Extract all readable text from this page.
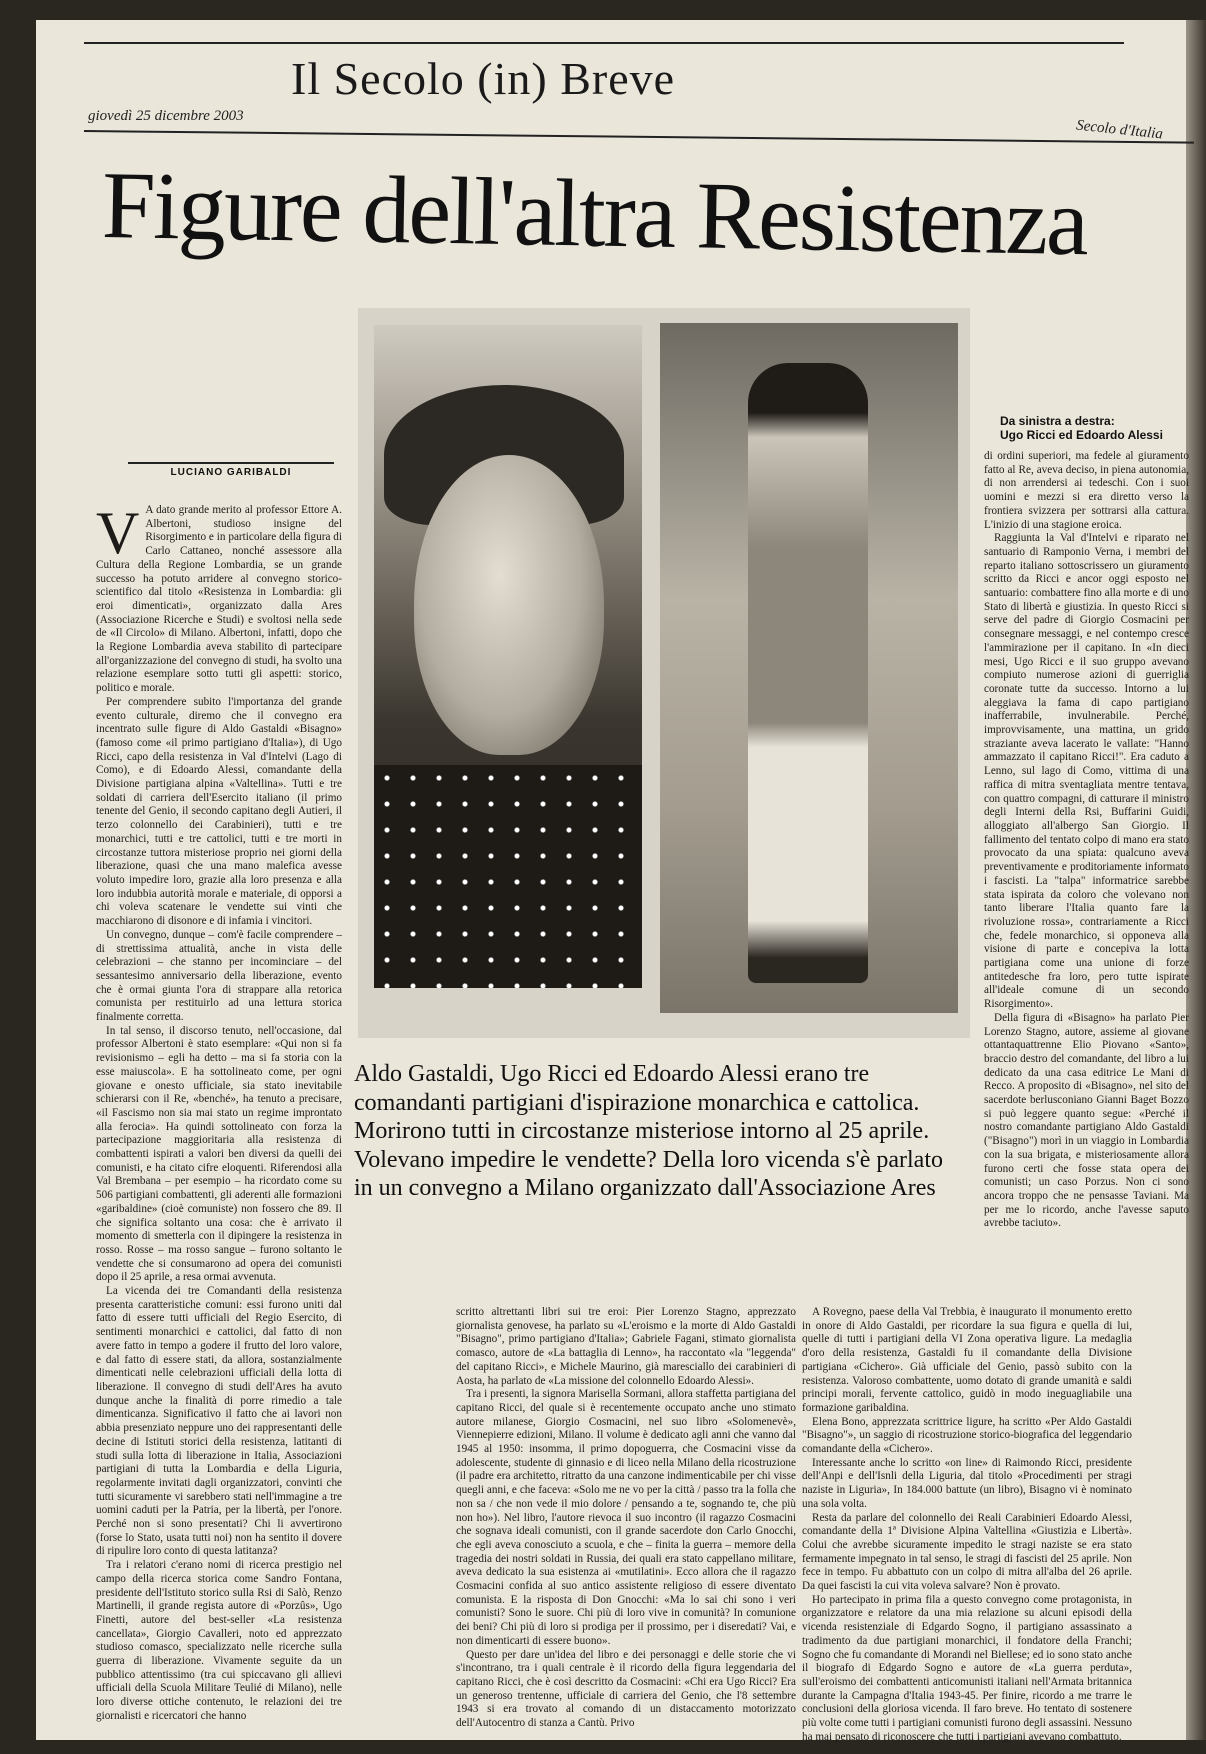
Il Secolo (in) Breve
giovedì 25 dicembre 2003
Secolo d'Italia
Figure dell'altra Resistenza
Da sinistra a destra:
Ugo Ricci ed Edoardo Alessi
LUCIANO GARIBALDI

V A dato grande merito al professor Ettore A. Albertoni, studioso insigne del Risorgimento e in particolare della figura di Carlo Cattaneo, nonché assessore alla Cultura della Regione Lombardia, se un grande successo ha potuto arridere al convegno storico-scientifico dal titolo «Resistenza in Lombardia: gli eroi dimenticati», organizzato dalla Ares (Associazione Ricerche e Studi) e svoltosi nella sede de «Il Circolo» di Milano. Albertoni, infatti, dopo che la Regione Lombardia aveva stabilito di partecipare all'organizzazione del convegno di studi, ha svolto una relazione esemplare sotto tutti gli aspetti: storico, politico e morale.

Per comprendere subito l'importanza del grande evento culturale, diremo che il convegno era incentrato sulle figure di Aldo Gastaldi «Bisagno» (famoso come «il primo partigiano d'Italia»), di Ugo Ricci, capo della resistenza in Val d'Intelvi (Lago di Como), e di Edoardo Alessi, comandante della Divisione partigiana alpina «Valtellina». Tutti e tre soldati di carriera dell'Esercito italiano (il primo tenente del Genio, il secondo capitano degli Autieri, il terzo colonnello dei Carabinieri), tutti e tre monarchici, tutti e tre cattolici, tutti e tre morti in circostanze tuttora misteriose proprio nei giorni della liberazione, quasi che una mano malefica avesse voluto impedire loro, grazie alla loro presenza e alla loro indubbia autorità morale e materiale, di opporsi a chi voleva scatenare le vendette sui vinti che macchiarono di disonore e di infamia i vincitori.

Un convegno, dunque – com'è facile comprendere – di strettissima attualità, anche in vista delle celebrazioni – che stanno per incominciare – del sessantesimo anniversario della liberazione, evento che è ormai giunta l'ora di strappare alla retorica comunista per restituirlo ad una lettura storica finalmente corretta.

In tal senso, il discorso tenuto, nell'occasione, dal professor Albertoni è stato esemplare: «Qui non si fa revisionismo – egli ha detto – ma si fa storia con la esse maiuscola». E ha sottolineato come, per ogni giovane e onesto ufficiale, sia stato inevitabile schierarsi con il Re, «benché», ha tenuto a precisare, «il Fascismo non sia mai stato un regime improntato alla ferocia». Ha quindi sottolineato con forza la partecipazione maggioritaria alla resistenza di combattenti ispirati a valori ben diversi da quelli dei comunisti, e ha citato cifre eloquenti. Riferendosi alla Val Brembana – per esempio – ha ricordato come su 506 partigiani combattenti, gli aderenti alle formazioni «garibaldine» (cioè comuniste) non fossero che 89. Il che significa soltanto una cosa: che è arrivato il momento di smetterla con il dipingere la resistenza in rosso. Rosse – ma rosso sangue – furono soltanto le vendette che si consumarono ad opera dei comunisti dopo il 25 aprile, a resa ormai avvenuta.

La vicenda dei tre Comandanti della resistenza presenta caratteristiche comuni: essi furono uniti dal fatto di essere tutti ufficiali del Regio Esercito, di sentimenti monarchici e cattolici, dal fatto di non avere fatto in tempo a godere il frutto del loro valore, e dal fatto di essere stati, da allora, sostanzialmente dimenticati nelle celebrazioni ufficiali della lotta di liberazione. Il convegno di studi dell'Ares ha avuto dunque anche la finalità di porre rimedio a tale dimenticanza. Significativo il fatto che ai lavori non abbia presenziato neppure uno dei rappresentanti delle decine di Istituti storici della resistenza, latitanti di studi sulla lotta di liberazione in Italia, Associazioni partigiani di tutta la Lombardia e della Liguria, regolarmente invitati dagli organizzatori, convinti che tutti sicuramente vi sarebbero stati nell'immagine a tre uomini caduti per la Patria, per la libertà, per l'onore. Perché non si sono presentati? Chi li avvertirono (forse lo Stato, usata tutti noi) non ha sentito il dovere di ripulire loro conto di questa latitanza?

Tra i relatori c'erano nomi di ricerca prestigio nel campo della ricerca storica come Sandro Fontana, presidente dell'Istituto storico sulla Rsi di Salò, Renzo Martinelli, il grande regista autore di «Porzûs», Ugo Finetti, autore del best-seller «La resistenza cancellata», Giorgio Cavalleri, noto ed apprezzato studioso comasco, specializzato nelle ricerche sulla guerra di liberazione. Vivamente seguite da un pubblico attentissimo (tra cui spiccavano gli allievi ufficiali della Scuola Militare Teulié di Milano), nelle loro diverse ottiche contenuto, le relazioni dei tre giornalisti e ricercatori che hanno

Aldo Gastaldi, Ugo Ricci ed Edoardo Alessi erano tre comandanti partigiani d'ispirazione monarchica e cattolica. Morirono tutti in circostanze misteriose intorno al 25 aprile. Volevano impedire le vendette? Della loro vicenda s'è parlato in un convegno a Milano organizzato dall'Associazione Ares

scritto altrettanti libri sui tre eroi: Pier Lorenzo Stagno, apprezzato giornalista genovese, ha parlato su «L'eroismo e la morte di Aldo Gastaldi "Bisagno", primo partigiano d'Italia»; Gabriele Fagani, stimato giornalista comasco, autore de «La battaglia di Lenno», ha raccontato «la "leggenda" del capitano Ricci», e Michele Maurino, già maresciallo dei carabinieri di Aosta, ha parlato de «La missione del colonnello Edoardo Alessi».

Tra i presenti, la signora Marisella Sormani, allora staffetta partigiana del capitano Ricci, del quale si è recentemente occupato anche uno stimato autore milanese, Giorgio Cosmacini, nel suo libro «Solomenevè», Viennepierre edizioni, Milano. Il volume è dedicato agli anni che vanno dal 1945 al 1950: insomma, il primo dopoguerra, che Cosmacini visse da adolescente, studente di ginnasio e di liceo nella Milano della ricostruzione (il padre era architetto, ritratto da una canzone indimenticabile per chi visse quegli anni, e che faceva: «Solo me ne vo per la città / passo tra la folla che non sa / che non vede il mio dolore / pensando a te, sognando te, che più non ho»). Nel libro, l'autore rievoca il suo incontro (il ragazzo Cosmacini che sognava ideali comunisti, con il grande sacerdote don Carlo Gnocchi, che egli aveva conosciuto a scuola, e che – finita la guerra – memore della tragedia dei nostri soldati in Russia, dei quali era stato cappellano militare, aveva dedicato la sua esistenza ai «mutilatini». Ecco allora che il ragazzo Cosmacini confida al suo antico assistente religioso di essere diventato comunista. E la risposta di Don Gnocchi: «Ma lo sai chi sono i veri comunisti? Sono le suore. Chi più di loro vive in comunità? In comunione dei beni? Chi più di loro si prodiga per il prossimo, per i diseredati? Vai, e non dimenticarti di essere buono».

Questo per dare un'idea del libro e dei personaggi e delle storie che vi s'incontrano, tra i quali centrale è il ricordo della figura leggendaria del capitano Ricci, che è così descritto da Cosmacini: «Chi era Ugo Ricci? Era un generoso trentenne, ufficiale di carriera del Genio, che l'8 settembre 1943 si era trovato al comando di un distaccamento motorizzato dell'Autocentro di stanza a Cantù. Privo

A Rovegno, paese della Val Trebbia, è inaugurato il monumento eretto in onore di Aldo Gastaldi, per ricordare la sua figura e quella di lui, quelle di tutti i partigiani della VI Zona operativa ligure. La medaglia d'oro della resistenza, Gastaldi fu il comandante della Divisione partigiana «Cichero». Già ufficiale del Genio, passò subito con la resistenza. Valoroso combattente, uomo dotato di grande umanità e saldi principi morali, fervente cattolico, guidò in modo ineguagliabile una formazione garibaldina.

Elena Bono, apprezzata scrittrice ligure, ha scritto «Per Aldo Gastaldi "Bisagno"», un saggio di ricostruzione storico-biografica del leggendario comandante della «Cichero».

Interessante anche lo scritto «on line» di Raimondo Ricci, presidente dell'Anpi e dell'Isnli della Liguria, dal titolo «Procedimenti per stragi naziste in Liguria», In 184.000 battute (un libro), Bisagno vi è nominato una sola volta.

Resta da parlare del colonnello dei Reali Carabinieri Edoardo Alessi, comandante della 1ª Divisione Alpina Valtellina «Giustizia e Libertà». Colui che avrebbe sicuramente impedito le stragi naziste se era stato fermamente impegnato in tal senso, le stragi di fascisti del 25 aprile. Non fece in tempo. Fu abbattuto con un colpo di mitra all'alba del 26 aprile. Da quei fascisti la cui vita voleva salvare? Non è provato.

Ho partecipato in prima fila a questo convegno come protagonista, in organizzatore e relatore da una mia relazione su alcuni episodi della vicenda resistenziale di Edgardo Sogno, il partigiano assassinato a tradimento da due partigiani monarchici, il fondatore della Franchi; Sogno che fu comandante di Morandi nel Biellese; ed io sono stato anche il biografo di Edgardo Sogno e autore de «La guerra perduta», sull'eroismo dei combattenti anticomunisti italiani nell'Armata britannica durante la Campagna d'Italia 1943-45. Per finire, ricordo a me trarre le conclusioni della gloriosa vicenda. Il faro breve. Ho tentato di sostenere più volte come tutti i partigiani comunisti furono degli assassini. Nessuno ha mai pensato di riconoscere che tutti i partigiani avevano combattuto.

di ordini superiori, ma fedele al giuramento fatto al Re, aveva deciso, in piena autonomia, di non arrendersi ai tedeschi. Con i suoi uomini e mezzi si era diretto verso la frontiera svizzera per sottrarsi alla cattura. L'inizio di una stagione eroica.

Raggiunta la Val d'Intelvi e riparato nel santuario di Ramponio Verna, i membri del reparto italiano sottoscrissero un giuramento scritto da Ricci e ancor oggi esposto nel santuario: combattere fino alla morte e di uno Stato di libertà e giustizia. In questo Ricci si serve del padre di Giorgio Cosmacini per consegnare messaggi, e nel contempo cresce l'ammirazione per il capitano. In «In dieci mesi, Ugo Ricci e il suo gruppo avevano compiuto numerose azioni di guerriglia coronate tutte da successo. Intorno a lui aleggiava la fama di capo partigiano inafferrabile, invulnerabile. Perché, improvvisamente, una mattina, un grido straziante aveva lacerato le vallate: "Hanno ammazzato il capitano Ricci!". Era caduto a Lenno, sul lago di Como, vittima di una raffica di mitra sventagliata mentre tentava, con quattro compagni, di catturare il ministro degli Interni della Rsi, Buffarini Guidi, alloggiato all'albergo San Giorgio. Il fallimento del tentato colpo di mano era stato provocato da una spiata: qualcuno aveva preventivamente e proditoriamente informato i fascisti. La "talpa" informatrice sarebbe stata ispirata da coloro che volevano non tanto liberare l'Italia quanto fare la rivoluzione rossa», contrariamente a Ricci che, fedele monarchico, si opponeva alla visione di parte e concepiva la lotta partigiana come una unione di forze antitedesche fra loro, pero tutte ispirate all'ideale comune di un secondo Risorgimento».

Della figura di «Bisagno» ha parlato Pier Lorenzo Stagno, autore, assieme al giovane ottantaquattrenne Elio Piovano «Santo», braccio destro del comandante, del libro a lui dedicato da una casa editrice Le Mani di Recco. A proposito di «Bisagno», nel sito del sacerdote berlusconiano Gianni Baget Bozzo si può leggere quanto segue: «Perché il nostro comandante partigiano Aldo Gastaldi ("Bisagno") morì in un viaggio in Lombardia con la sua brigata, e misteriosamente allora furono certi che fosse stata opera dei comunisti; un caso Porzus. Non ci sono ancora troppo che ne pensasse Taviani. Ma per me lo ricordo, anche l'avesse saputo avrebbe taciuto».
